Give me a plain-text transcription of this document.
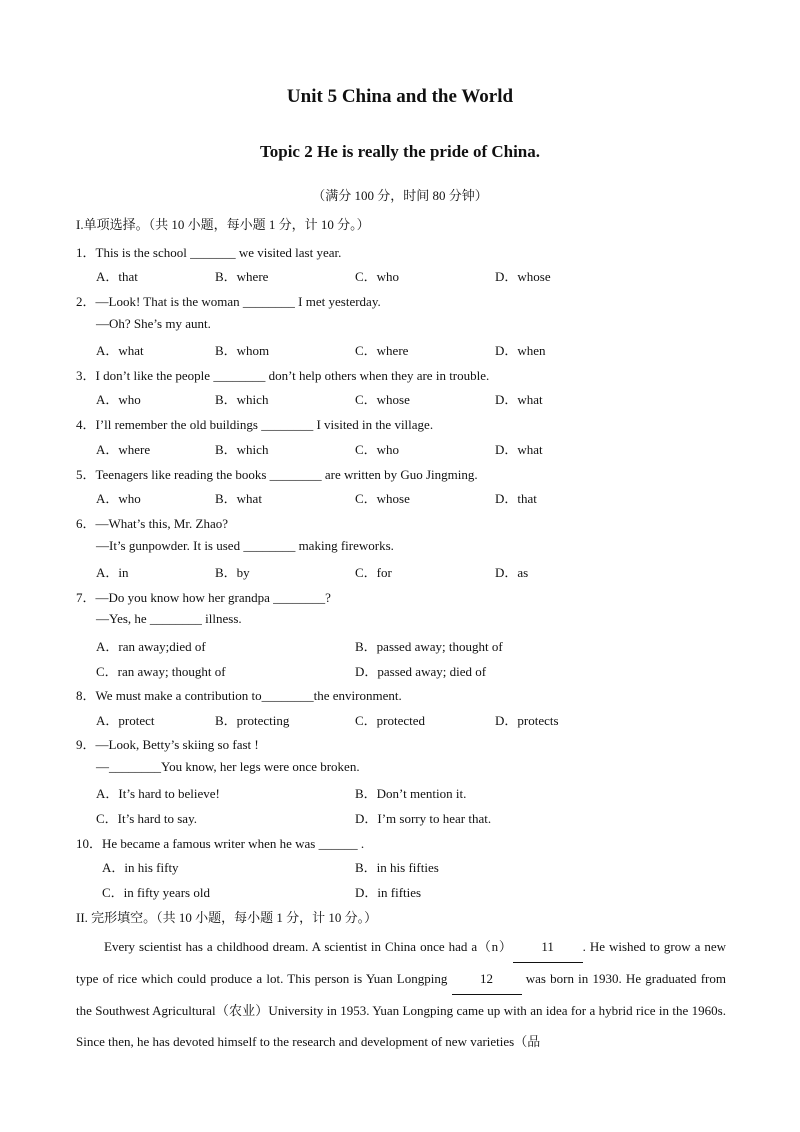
Unit 5 China and the World
Topic 2 He is really the pride of China.
（满分 100 分，时间 80 分钟）
I.单项选择。（共 10 小题，每小题 1 分，计 10 分。）
1．This is the school _______ we visited last year.
A．that	B．where	C．who	D．whose
2．—Look! That is the woman ________ I met yesterday.
—Oh? She’s my aunt.
A．what	B．whom	C．where	D．when
3．I don’t like the people ________ don’t help others when they are in trouble.
A．who	B．which	C．whose	D．what
4．I’ll remember the old buildings ________ I visited in the village.
A．where	B．which	C．who	D．what
5．Teenagers like reading the books ________ are written by Guo Jingming.
A．who	B．what	C．whose	D．that
6．—What’s this, Mr. Zhao?
—It’s gunpowder. It is used ________ making fireworks.
A．in	B．by	C．for	D．as
7．—Do you know how her grandpa ________?
—Yes, he ________ illness.
A．ran away;died of	B．passed away; thought of
C．ran away; thought of	D．passed away; died of
8．We must make a contribution to________the environment.
A．protect	B．protecting	C．protected	D．protects
9．—Look, Betty’s skiing so fast !
—________You know, her legs were once broken.
A．It’s hard to believe!	B．Don’t mention it.
C．It’s hard to say.	D．I’m sorry to hear that.
10．He became a famous writer when he was ______ .
A．in his fifty	B．in his fifties
C．in fifty years old	D．in fifties
II. 完形填空。（共 10 小题，每小题 1 分，计 10 分。）
Every scientist has a childhood dream. A scientist in China once had a（n） 11 . He wished to grow a new type of rice which could produce a lot. This person is Yuan Longping 12 was born in 1930. He graduated from the Southwest Agricultural（农业）University in 1953. Yuan Longping came up with an idea for a hybrid rice in the 1960s. Since then, he has devoted himself to the research and development of new varieties（品
